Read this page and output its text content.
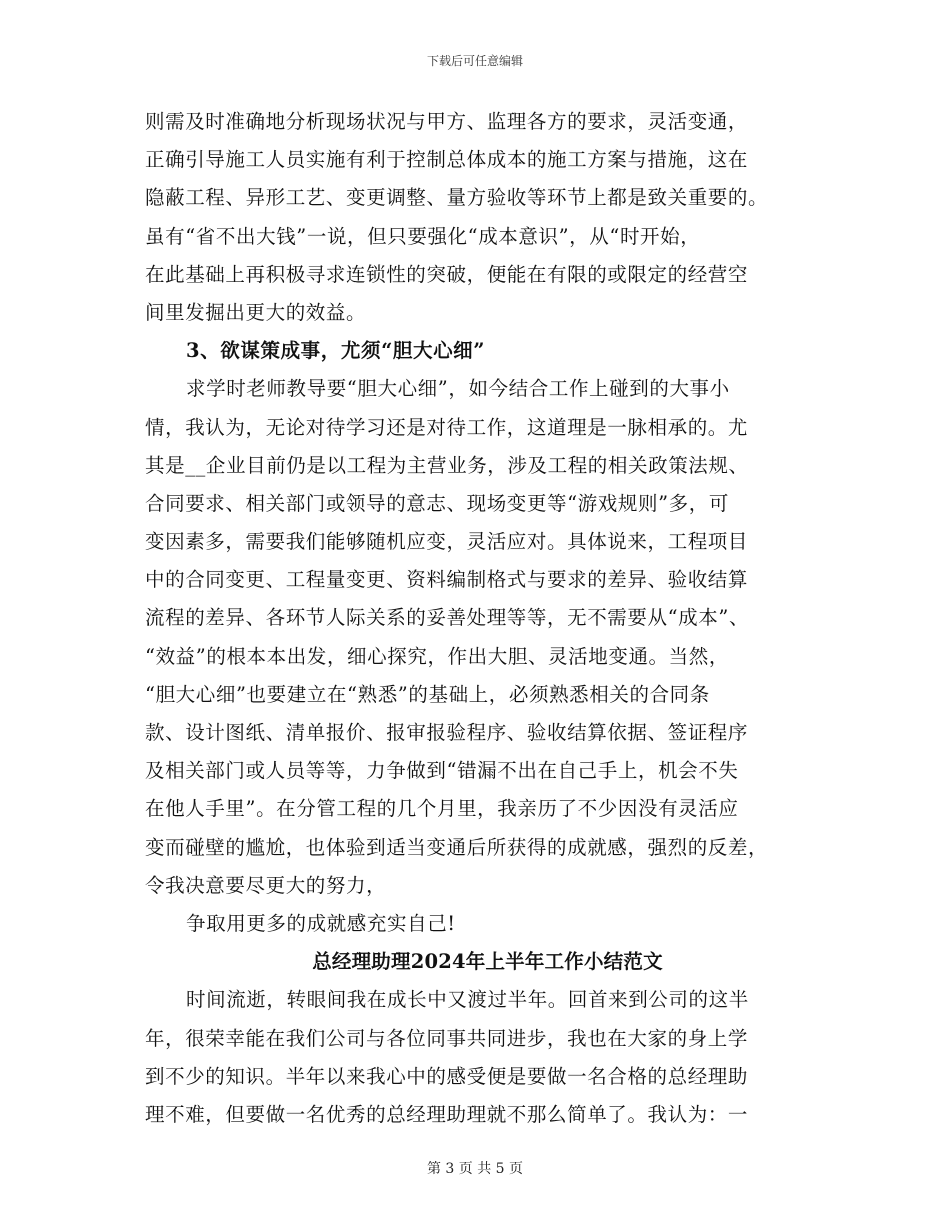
下载后可任意编辑
则需及时准确地分析现场状况与甲方、监理各方的要求，灵活变通，
正确引导施工人员实施有利于控制总体成本的施工方案与措施，这在
隐蔽工程、异形工艺、变更调整、量方验收等环节上都是致关重要的。
虽有“省不出大钱”一说，但只要强化“成本意识”，从“时开始，
在此基础上再积极寻求连锁性的突破，便能在有限的或限定的经营空
间里发掘出更大的效益。
3、欲谋策成事，尤须“胆大心细”
求学时老师教导要“胆大心细”，如今结合工作上碰到的大事小
情，我认为，无论对待学习还是对待工作，这道理是一脉相承的。尤
其是__企业目前仍是以工程为主营业务，涉及工程的相关政策法规、
合同要求、相关部门或领导的意志、现场变更等“游戏规则”多，可
变因素多，需要我们能够随机应变，灵活应对。具体说来，工程项目
中的合同变更、工程量变更、资料编制格式与要求的差异、验收结算
流程的差异、各环节人际关系的妥善处理等等，无不需要从“成本”、
“效益”的根本本出发，细心探究，作出大胆、灵活地变通。当然，
“胆大心细”也要建立在“熟悉”的基础上，必须熟悉相关的合同条
款、设计图纸、清单报价、报审报验程序、验收结算依据、签证程序
及相关部门或人员等等，力争做到“错漏不出在自己手上，机会不失
在他人手里”。在分管工程的几个月里，我亲历了不少因没有灵活应
变而碰壁的尴尬，也体验到适当变通后所获得的成就感，强烈的反差，
令我决意要尽更大的努力，
争取用更多的成就感充实自己!
总经理助理2024年上半年工作小结范文
时间流逝，转眼间我在成长中又渡过半年。回首来到公司的这半
年，很荣幸能在我们公司与各位同事共同进步，我也在大家的身上学
到不少的知识。半年以来我心中的感受便是要做一名合格的总经理助
理不难，但要做一名优秀的总经理助理就不那么简单了。我认为：一
第 3 页 共 5 页
